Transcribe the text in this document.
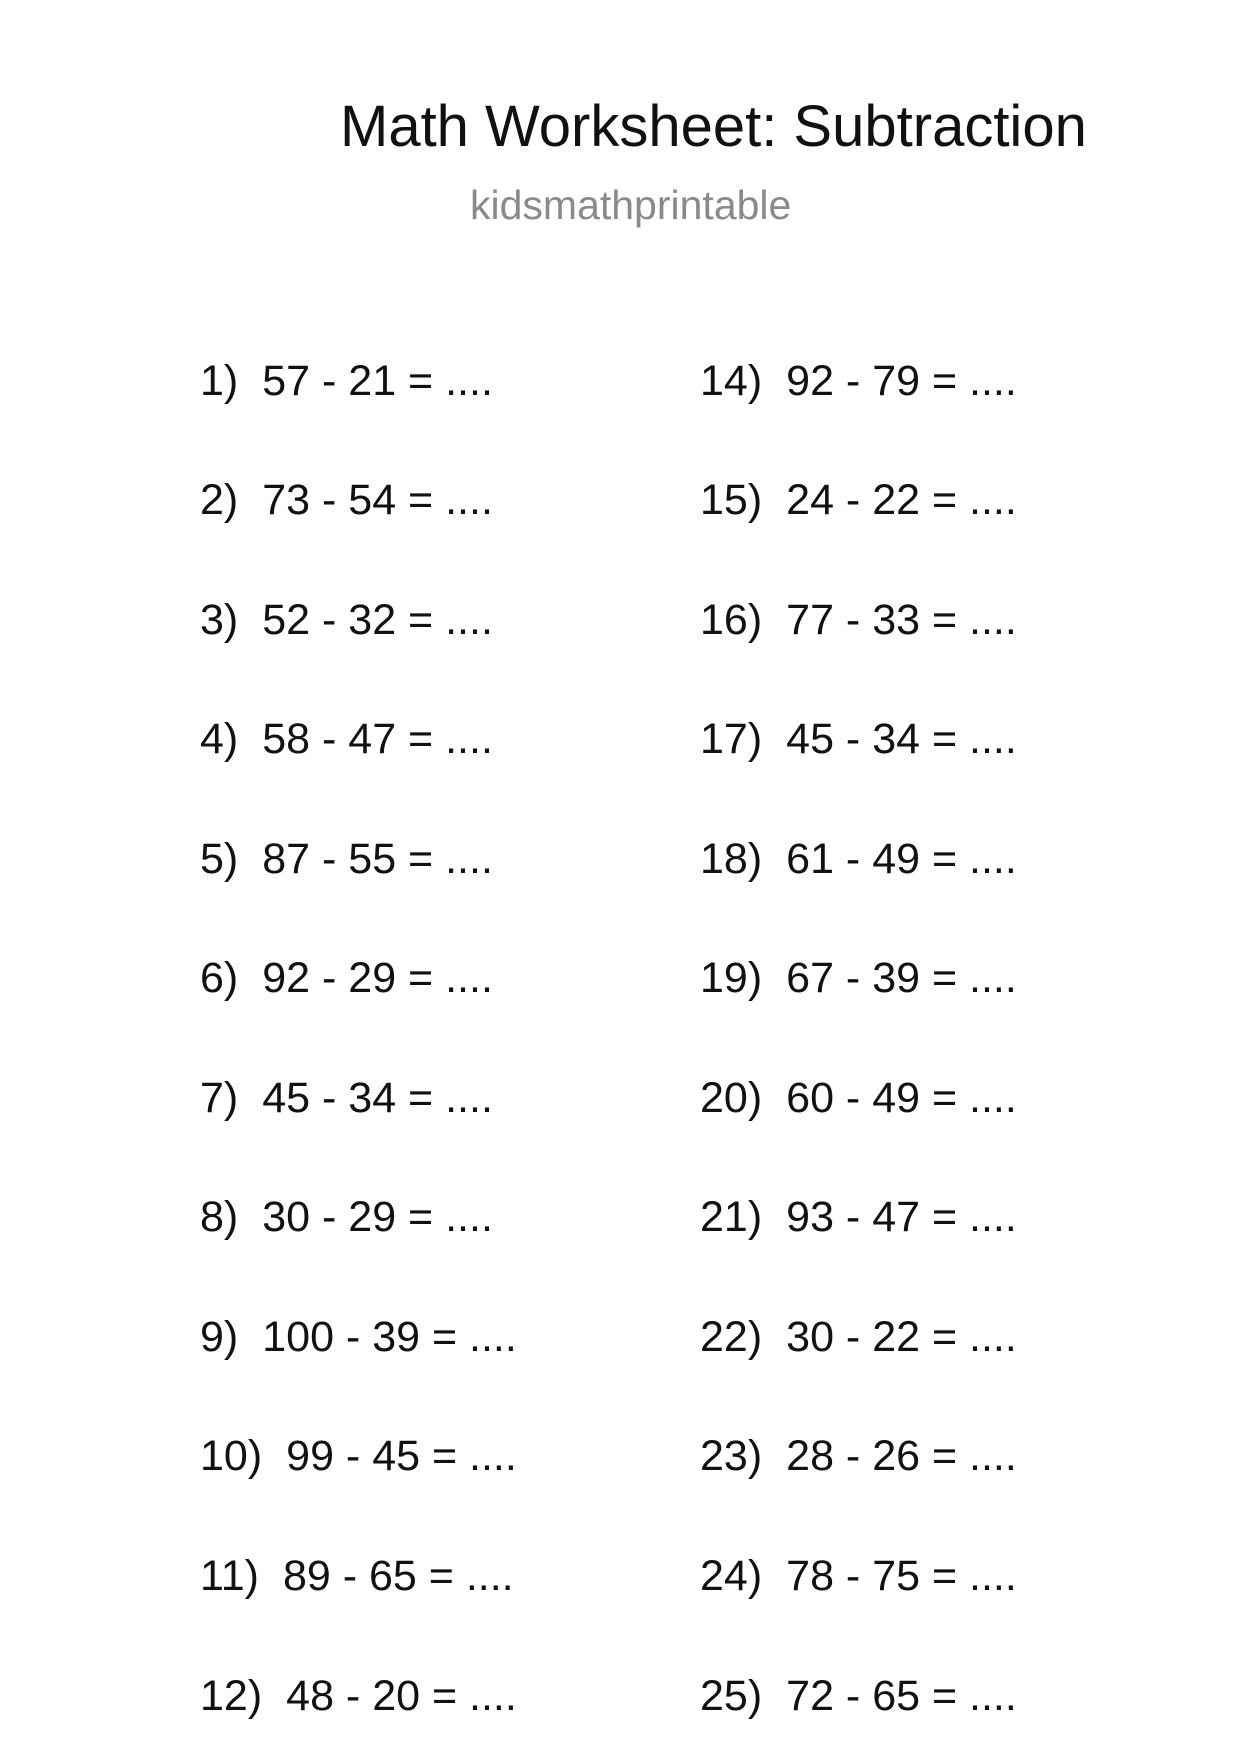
Math Worksheet: Subtraction
kidsmathprintable
1) 57 - 21 = ....
2) 73 - 54 = ....
3) 52 - 32 = ....
4) 58 - 47 = ....
5) 87 - 55 = ....
6) 92 - 29 = ....
7) 45 - 34 = ....
8) 30 - 29 = ....
9) 100 - 39 = ....
10) 99 - 45 = ....
11) 89 - 65 = ....
12) 48 - 20 = ....
14) 92 - 79 = ....
15) 24 - 22 = ....
16) 77 - 33 = ....
17) 45 - 34 = ....
18) 61 - 49 = ....
19) 67 - 39 = ....
20) 60 - 49 = ....
21) 93 - 47 = ....
22) 30 - 22 = ....
23) 28 - 26 = ....
24) 78 - 75 = ....
25) 72 - 65 = ....
